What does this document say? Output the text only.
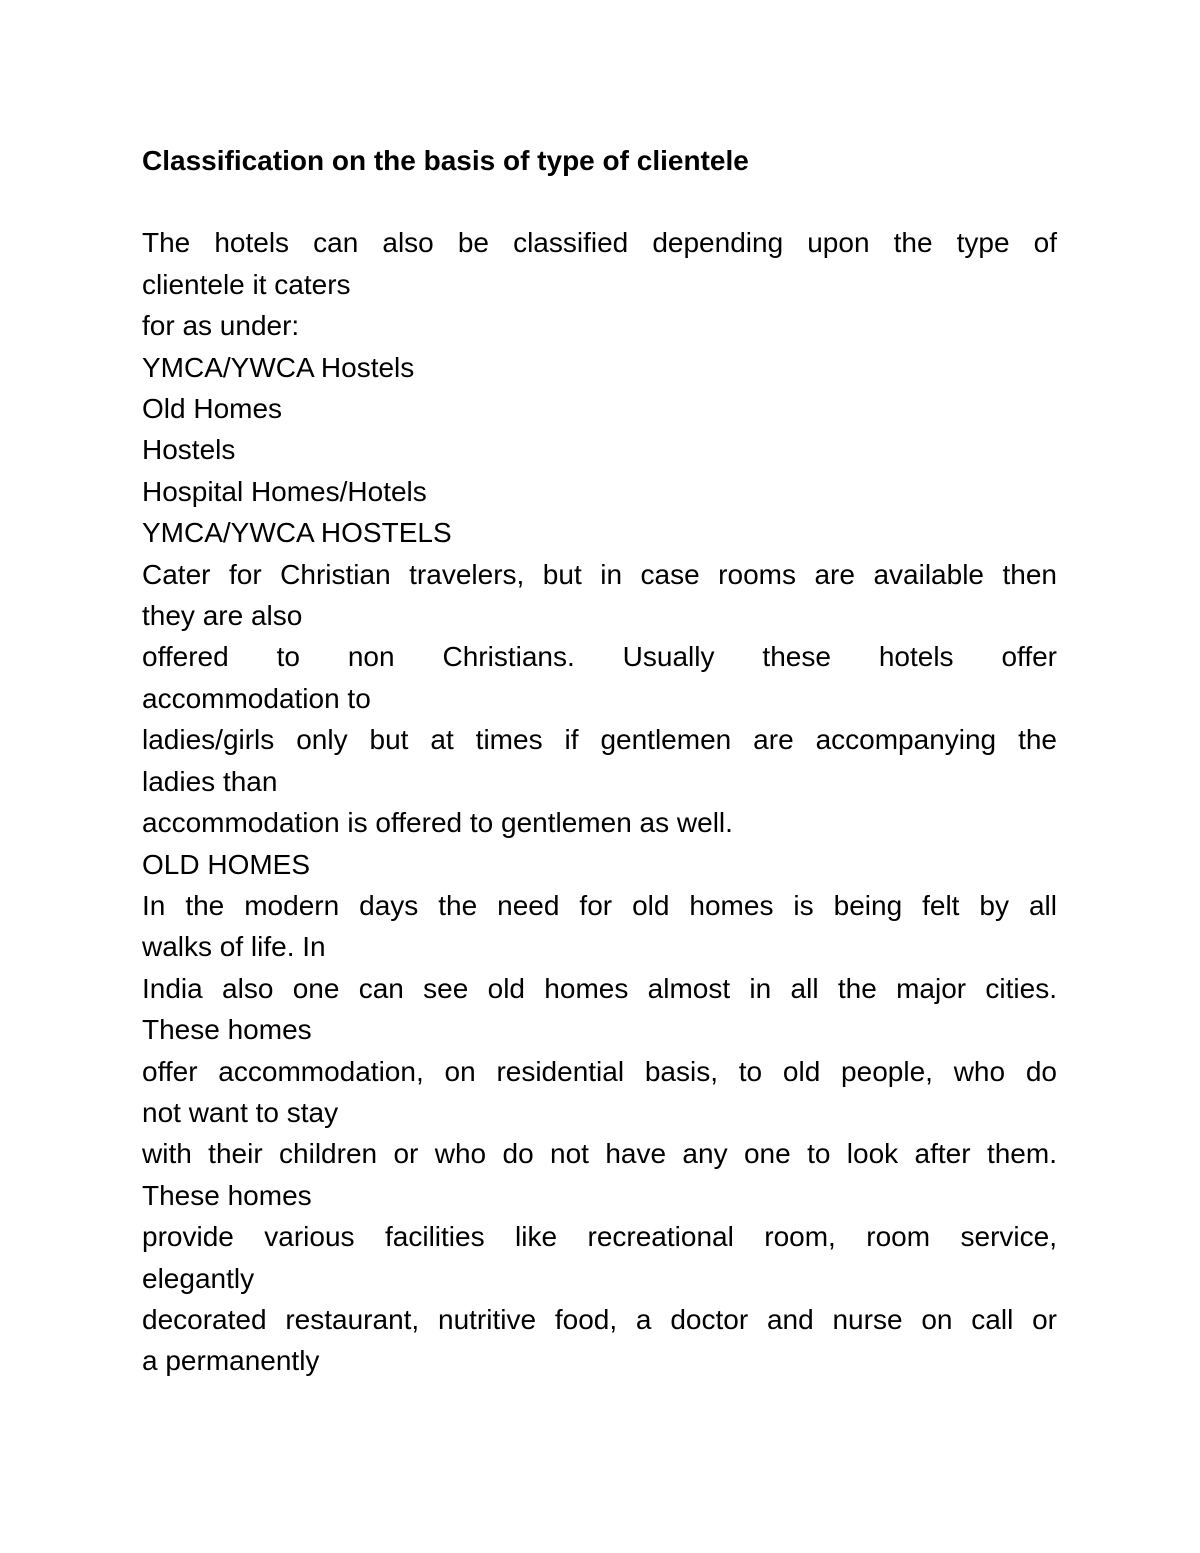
Classification on the basis of type of clientele

The hotels can also be classified depending upon the type of

clientele it caters

for as under:

YMCA/YWCA Hostels

Old Homes

Hostels

Hospital Homes/Hotels

YMCA/YWCA HOSTELS

Cater for Christian travelers, but in case rooms are available then

they are also

offered to non Christians. Usually these hotels offer

accommodation to

ladies/girls only but at times if gentlemen are accompanying the

ladies than

accommodation is offered to gentlemen as well.

OLD HOMES

In the modern days the need for old homes is being felt by all

walks of life. In

India also one can see old homes almost in all the major cities.

These homes

offer accommodation, on residential basis, to old people, who do

not want to stay

with their children or who do not have any one to look after them.

These homes

provide various facilities like recreational room, room service,

elegantly

decorated restaurant, nutritive food, a doctor and nurse on call or

a permanently
